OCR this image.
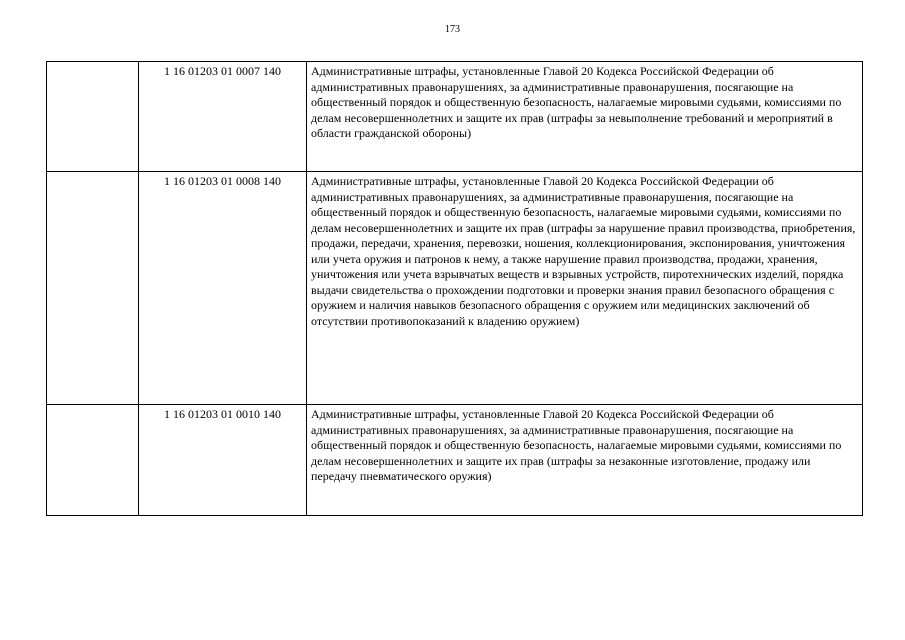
173
	1 16 01203 01 0007 140	Административные штрафы, установленные Главой 20 Кодекса Российской Федерации об административных правонарушениях, за административные правонарушения, посягающие на общественный порядок и общественную безопасность, налагаемые мировыми судьями, комиссиями по делам несовершеннолетних и защите их прав (штрафы за невыполнение требований и мероприятий в области гражданской обороны)
	1 16 01203 01 0008 140	Административные штрафы, установленные Главой 20 Кодекса Российской Федерации об административных правонарушениях, за административные правонарушения, посягающие на общественный порядок и общественную безопасность, налагаемые мировыми судьями, комиссиями по делам несовершеннолетних и защите их прав (штрафы за нарушение правил производства, приобретения, продажи, передачи, хранения, перевозки, ношения, коллекционирования, экспонирования, уничтожения или учета оружия и патронов к нему, а также нарушение правил производства, продажи, хранения, уничтожения или учета взрывчатых веществ и взрывных устройств, пиротехнических изделий, порядка выдачи свидетельства о прохождении подготовки и проверки знания правил безопасного обращения с оружием и наличия навыков безопасного обращения с оружием или медицинских заключений об отсутствии противопоказаний к владению оружием)
	1 16 01203 01 0010 140	Административные штрафы, установленные Главой 20 Кодекса Российской Федерации об административных правонарушениях, за административные правонарушения, посягающие на общественный порядок и общественную безопасность, налагаемые мировыми судьями, комиссиями по делам несовершеннолетних и защите их прав (штрафы за незаконные изготовление, продажу или передачу пневматического оружия)
